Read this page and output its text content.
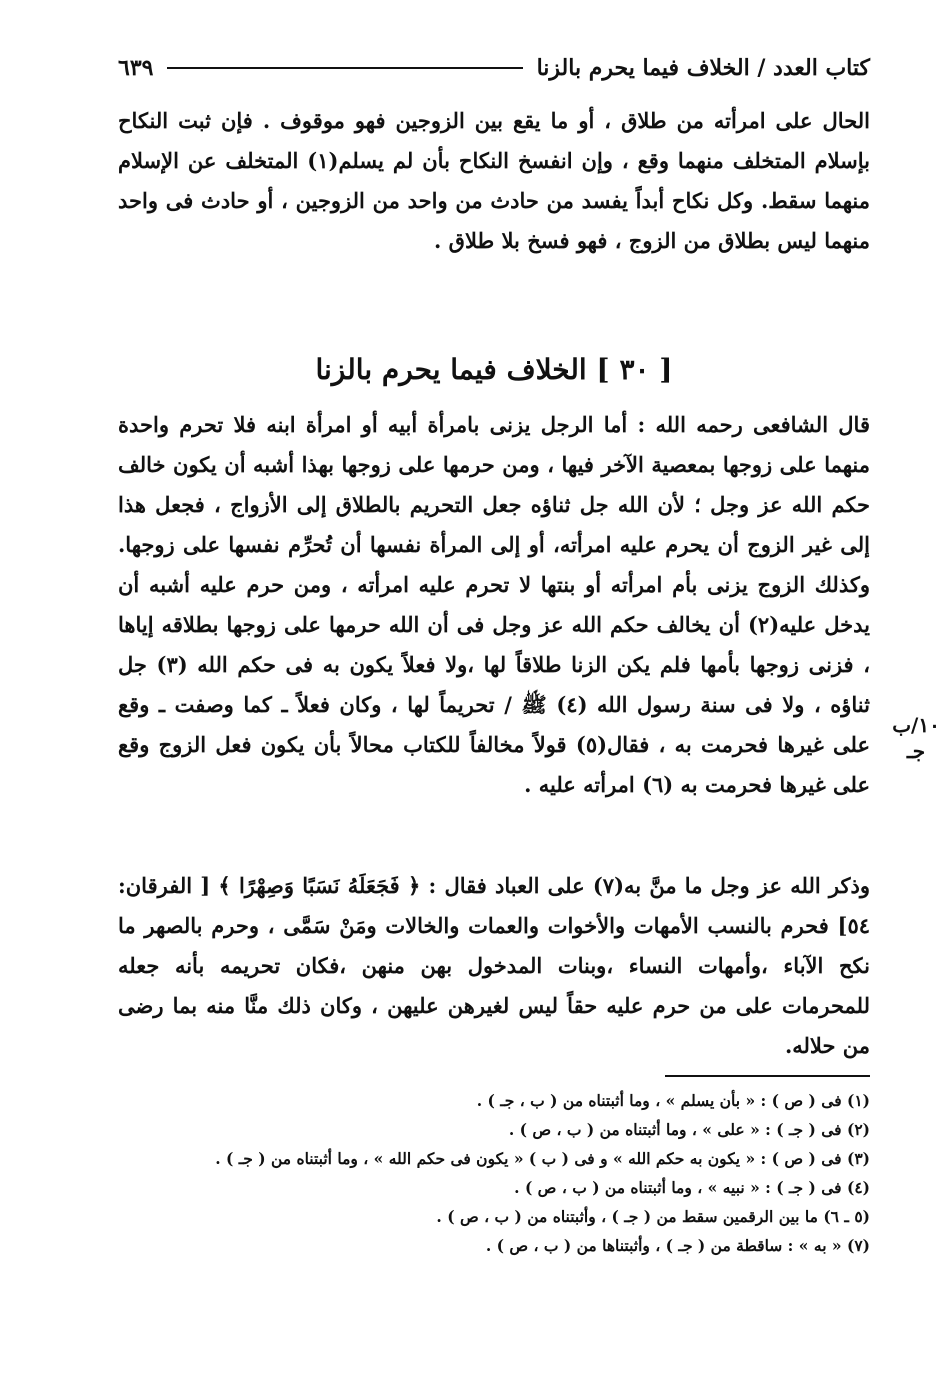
كتاب العدد / الخلاف فيما يحرم بالزنا
٦٣٩
الحال على امرأته من طلاق ، أو ما يقع بين الزوجين فهو موقوف . فإن ثبت النكاح بإسلام المتخلف منهما وقع ، وإن انفسخ النكاح بأن لم يسلم(١) المتخلف عن الإسلام منهما سقط. وكل نكاح أبداً يفسد من حادث من واحد من الزوجين ، أو حادث فى واحد منهما ليس بطلاق من الزوج ، فهو فسخ بلا طلاق .
[ ٣٠ ] الخلاف فيما يحرم بالزنا
قال الشافعى رحمه الله : أما الرجل يزنى بامرأة أبيه أو امرأة ابنه فلا تحرم واحدة منهما على زوجها بمعصية الآخر فيها ، ومن حرمها على زوجها بهذا أشبه أن يكون خالف حكم الله عز وجل ؛ لأن الله جل ثناؤه جعل التحريم بالطلاق إلى الأزواج ، فجعل هذا إلى غير الزوج أن يحرم عليه امرأته، أو إلى المرأة نفسها أن تُحرِّم نفسها على زوجها. وكذلك الزوج يزنى بأم امرأته أو بنتها لا تحرم عليه امرأته ، ومن حرم عليه أشبه أن يدخل عليه(٢) أن يخالف حكم الله عز وجل فى أن الله حرمها على زوجها بطلاقه إياها ، فزنى زوجها بأمها فلم يكن الزنا طلاقاً لها ،ولا فعلاً يكون به فى حكم الله (٣) جل ثناؤه ، ولا فى سنة رسول الله (٤) ﷺ / تحريماً لها ، وكان فعلاً ـ كما وصفت ـ وقع على غيرها فحرمت به ، فقال(٥) قولاً مخالفاً للكتاب محالاً بأن يكون فعل الزوج وقع على غيرها فحرمت به (٦) امرأته عليه .
١٠/ب
جـ
وذكر الله عز وجل ما منَّ به(٧) على العباد فقال : ﴿ فَجَعَلَهُ نَسَبًا وَصِهْرًا ﴾ [ الفرقان: ٥٤] فحرم بالنسب الأمهات والأخوات والعمات والخالات ومَنْ سَمَّى ، وحرم بالصهر ما نكح الآباء ،وأمهات النساء ،وبنات المدخول بهن منهن ،فكان تحريمه بأنه جعله للمحرمات على من حرم عليه حقاً ليس لغيرهن عليهن ، وكان ذلك منَّا منه بما رضى من حلاله.
(١) فى ( ص ) : « بأن يسلم » ، وما أثبتناه من ( ب ، جـ ) .
(٢) فى ( جـ ) : « على » ، وما أثبتناه من ( ب ، ص ) .
(٣) فى ( ص ) : « يكون به حكم الله » و فى ( ب ) « يكون فى حكم الله » ، وما أثبتناه من ( جـ ) .
(٤) فى ( جـ ) : « نبيه » ، وما أثبتناه من ( ب ، ص ) .
(٥ ـ ٦) ما بين الرقمين سقط من ( جـ ) ، وأثبتناه من ( ب ، ص ) .
(٧) « به » : ساقطة من ( جـ ) ، وأثبتناها من ( ب ، ص ) .
